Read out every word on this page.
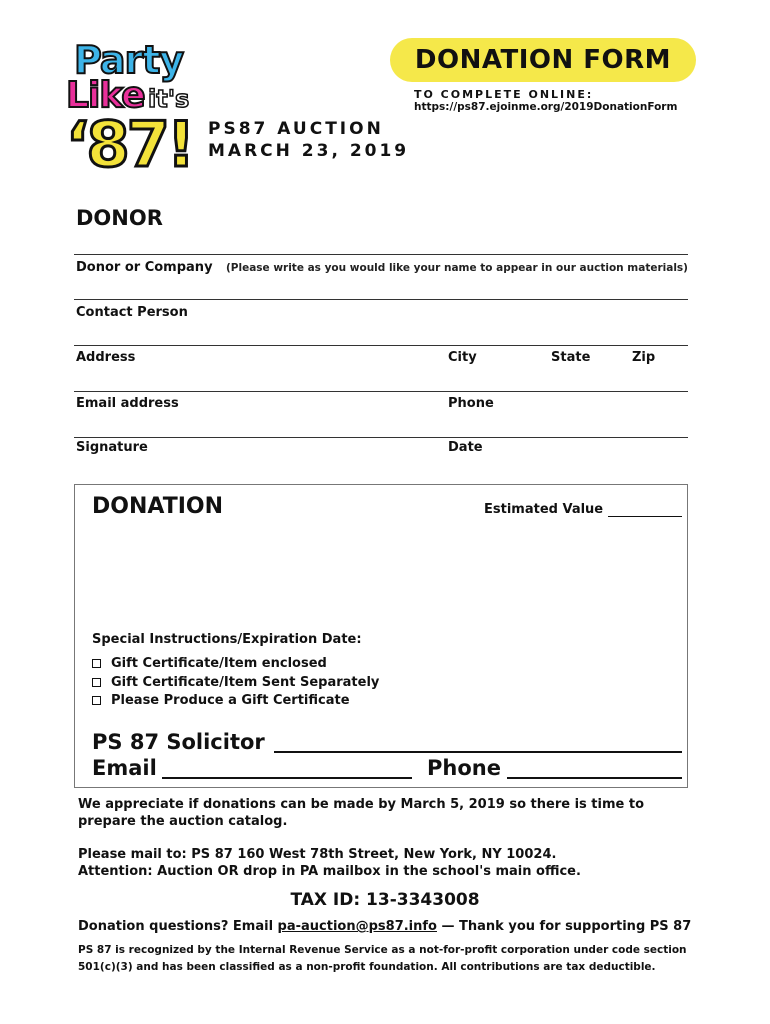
Party
Like it's
‘87!
DONATION FORM
TO COMPLETE ONLINE:
https://ps87.ejoinme.org/2019DonationForm
PS87 AUCTION
MARCH 23, 2019
DONOR
Donor or Company (Please write as you would like your name to appear in our auction materials)
Contact Person
Address	City	State	Zip
Email address	Phone
Signature	Date
DONATION	Estimated Value
Special Instructions/Expiration Date:
Gift Certificate/Item enclosed
Gift Certificate/Item Sent Separately
Please Produce a Gift Certificate
PS 87 Solicitor
Email	Phone
We appreciate if donations can be made by March 5, 2019 so there is time to prepare the auction catalog.
Please mail to: PS 87 160 West 78th Street, New York, NY 10024.
Attention: Auction OR drop in PA mailbox in the school's main office.
TAX ID: 13-3343008
Donation questions? Email pa-auction@ps87.info — Thank you for supporting PS 87
PS 87 is recognized by the Internal Revenue Service as a not-for-profit corporation under code section 501(c)(3) and has been classified as a non-profit foundation. All contributions are tax deductible.
